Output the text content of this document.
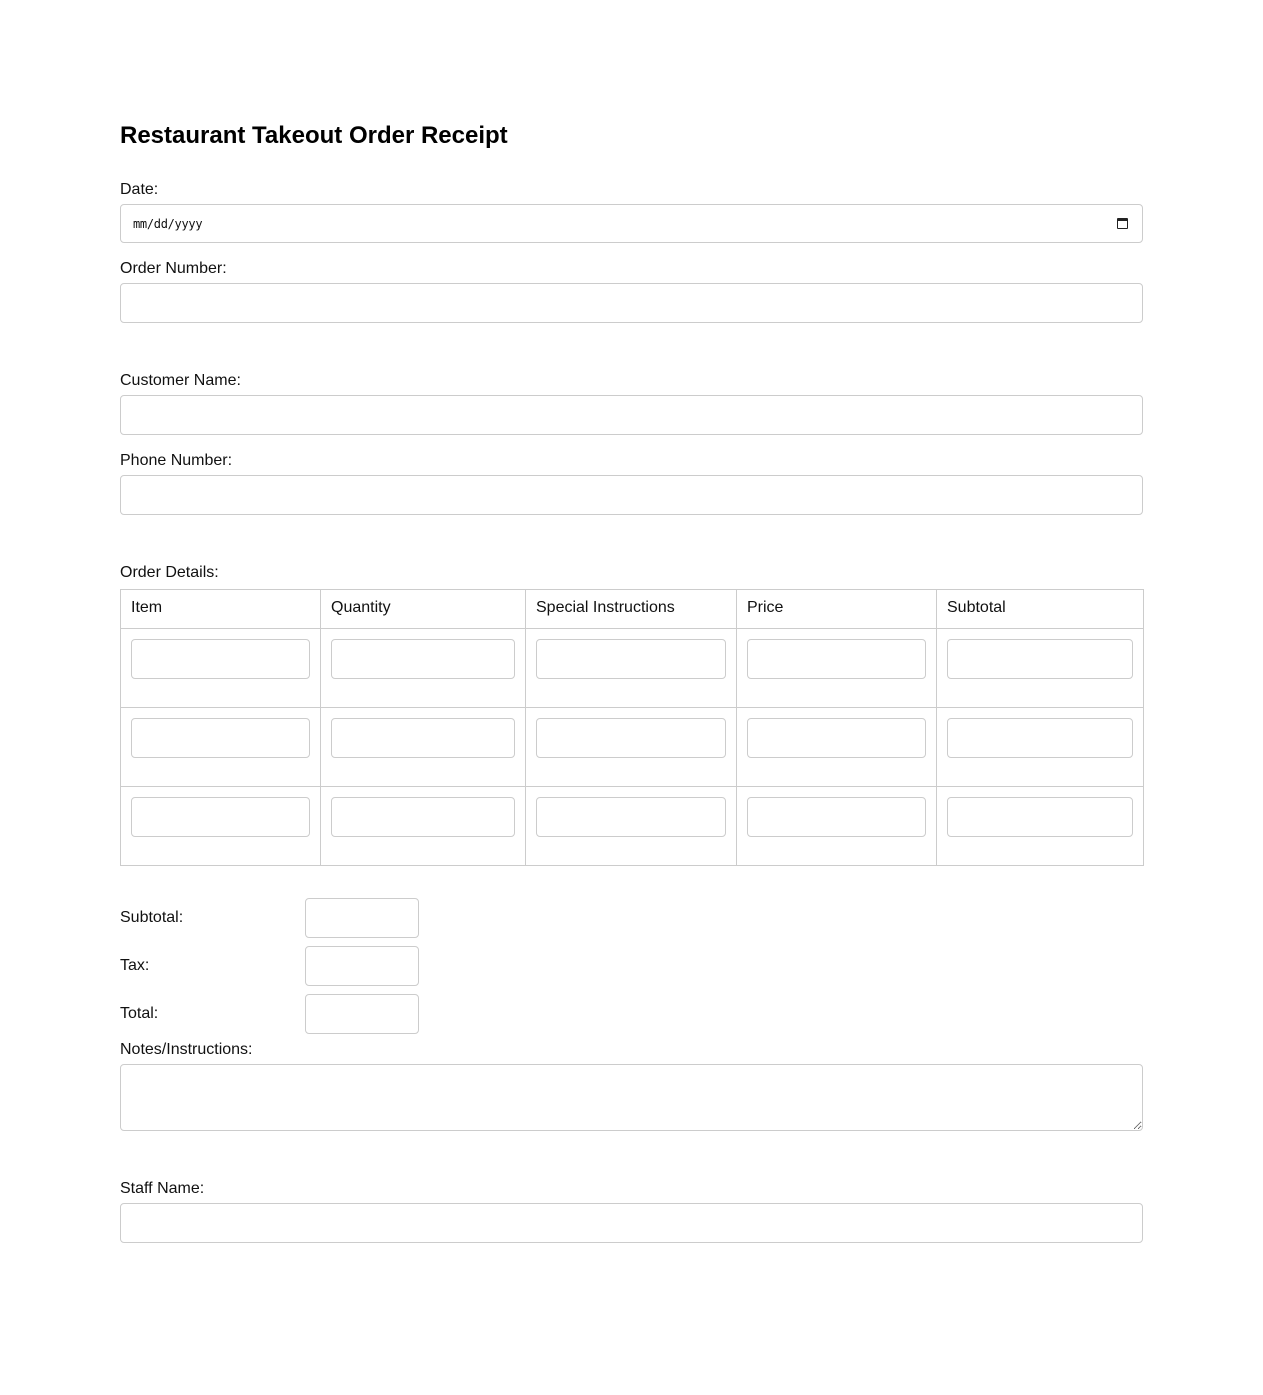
Restaurant Takeout Order Receipt
Date:
mm/dd/yyyy
Order Number:
Customer Name:
Phone Number:
Order Details:
Item	Quantity	Special Instructions	Price	Subtotal

Subtotal:
Tax:
Total:
Notes/Instructions:
Staff Name:
